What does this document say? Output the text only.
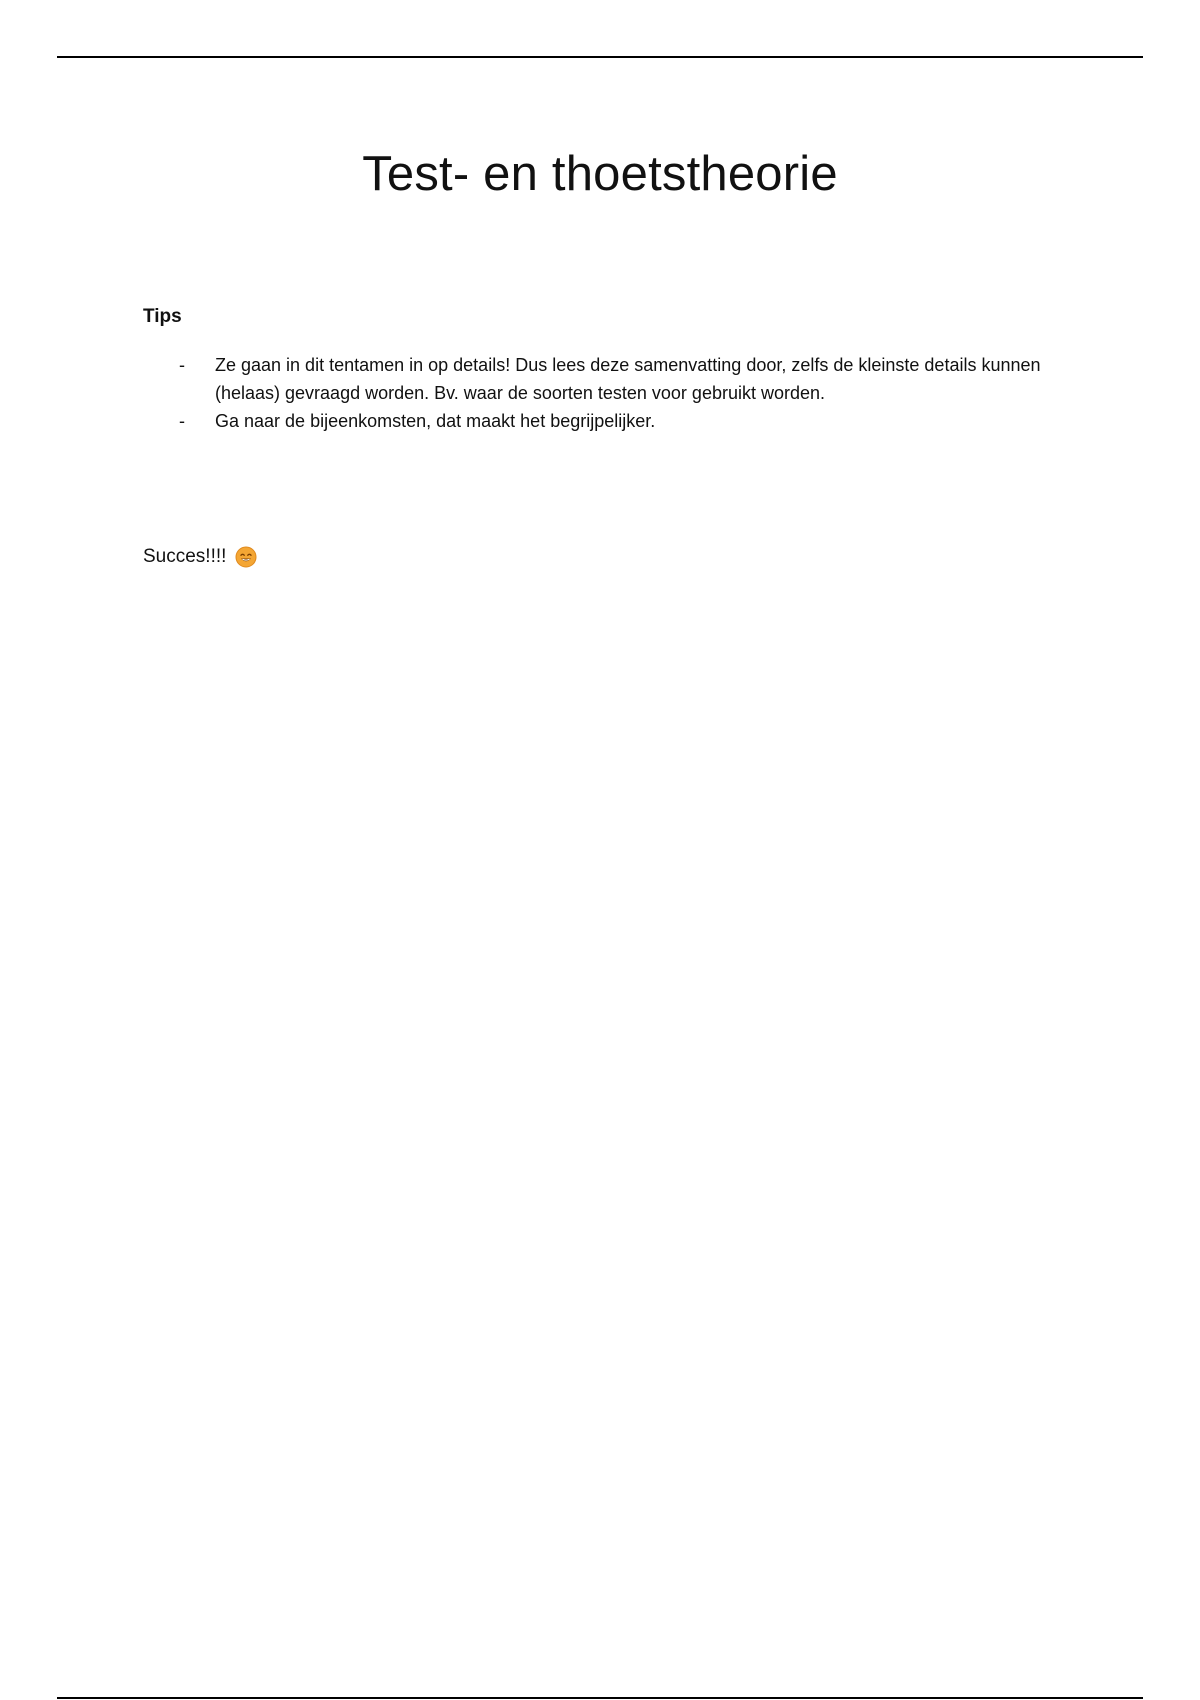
Test- en thoetstheorie
Tips
- Ze gaan in dit tentamen in op details! Dus lees deze samenvatting door, zelfs de kleinste details kunnen (helaas) gevraagd worden. Bv. waar de soorten testen voor gebruikt worden.
- Ga naar de bijeenkomsten, dat maakt het begrijpelijker.
Succes!!!!
